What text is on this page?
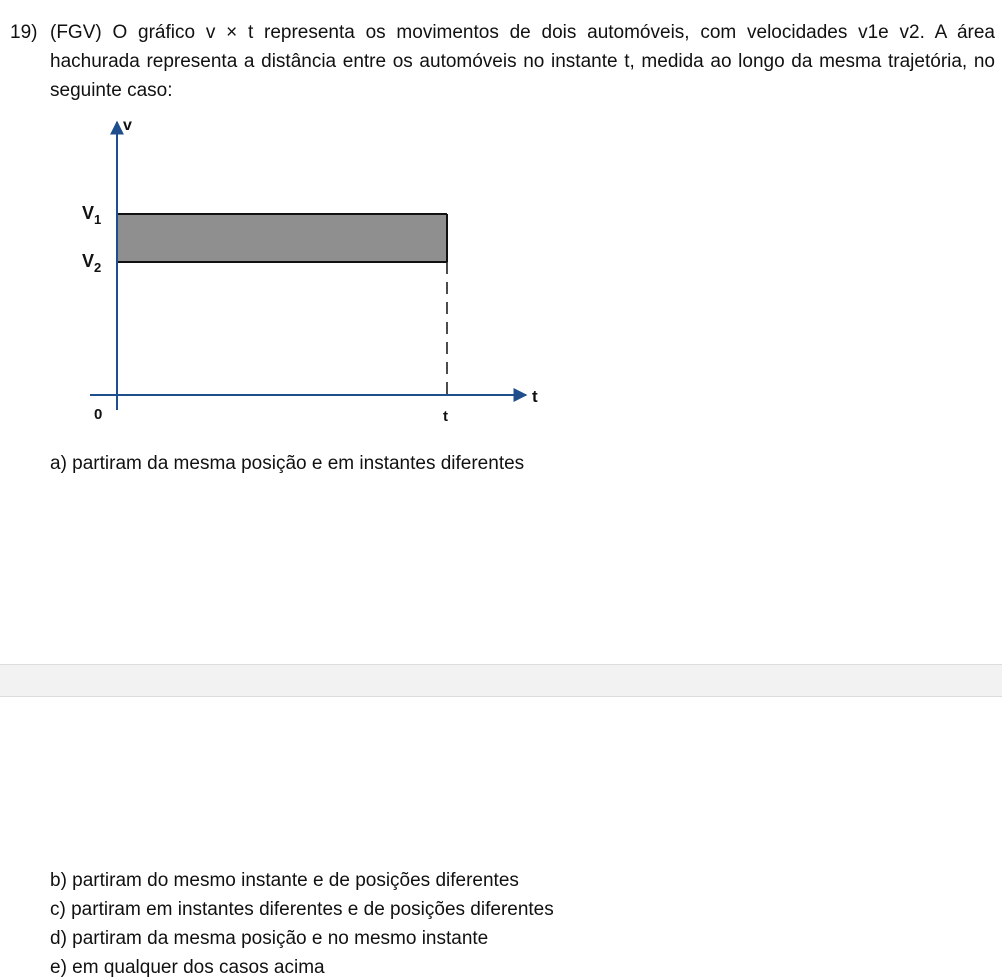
19) (FGV) O gráfico v × t representa os movimentos de dois automóveis, com velocidades v1e v2. A área hachurada representa a distância entre os automóveis no instante t, medida ao longo da mesma trajetória, no seguinte caso:
v
t
$V_1$
$V_2$
0	t
a) partiram da mesma posição e em instantes diferentes
b) partiram do mesmo instante e de posições diferentes
c) partiram em instantes diferentes e de posições diferentes
d) partiram da mesma posição e no mesmo instante
e) em qualquer dos casos acima
